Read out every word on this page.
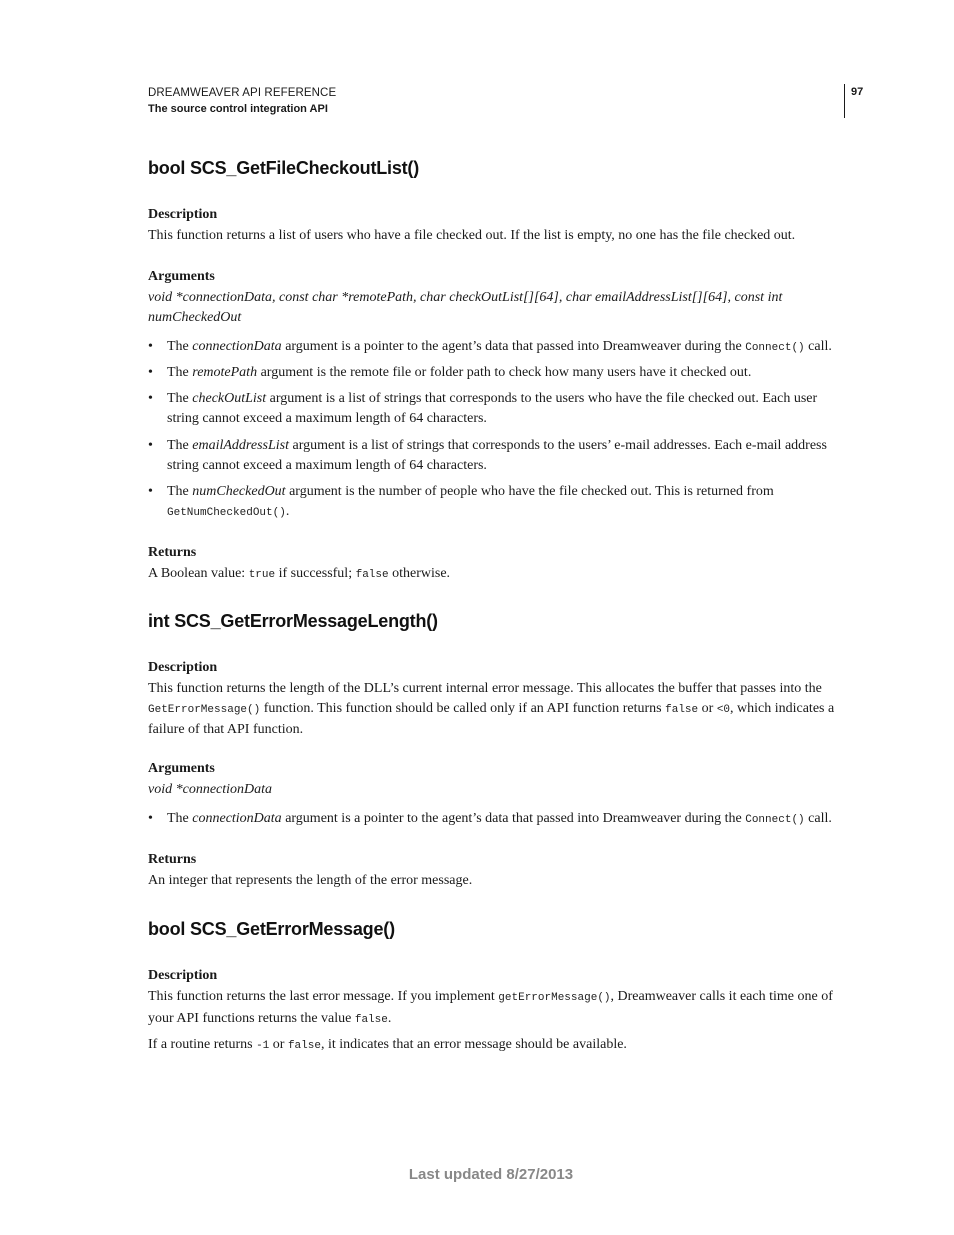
DREAMWEAVER API REFERENCE
The source control integration API
97
bool SCS_GetFileCheckoutList()
Description
This function returns a list of users who have a file checked out. If the list is empty, no one has the file checked out.
Arguments
void *connectionData, const char *remotePath, char checkOutList[][64], char emailAddressList[][64], const int
numCheckedOut
• The connectionData argument is a pointer to the agent’s data that passed into Dreamweaver during the Connect() call.
• The remotePath argument is the remote file or folder path to check how many users have it checked out.
• The checkOutList argument is a list of strings that corresponds to the users who have the file checked out. Each user string cannot exceed a maximum length of 64 characters.
• The emailAddressList argument is a list of strings that corresponds to the users’ e-mail addresses. Each e-mail address string cannot exceed a maximum length of 64 characters.
• The numCheckedOut argument is the number of people who have the file checked out. This is returned from
GetNumCheckedOut().
Returns
A Boolean value: true if successful; false otherwise.
int SCS_GetErrorMessageLength()
Description
This function returns the length of the DLL’s current internal error message. This allocates the buffer that passes into the GetErrorMessage() function. This function should be called only if an API function returns false or <0, which indicates a failure of that API function.
Arguments
void *connectionData
• The connectionData argument is a pointer to the agent’s data that passed into Dreamweaver during the Connect() call.
Returns
An integer that represents the length of the error message.
bool SCS_GetErrorMessage()
Description
This function returns the last error message. If you implement getErrorMessage(), Dreamweaver calls it each time one of your API functions returns the value false.
If a routine returns -1 or false, it indicates that an error message should be available.
Last updated 8/27/2013
